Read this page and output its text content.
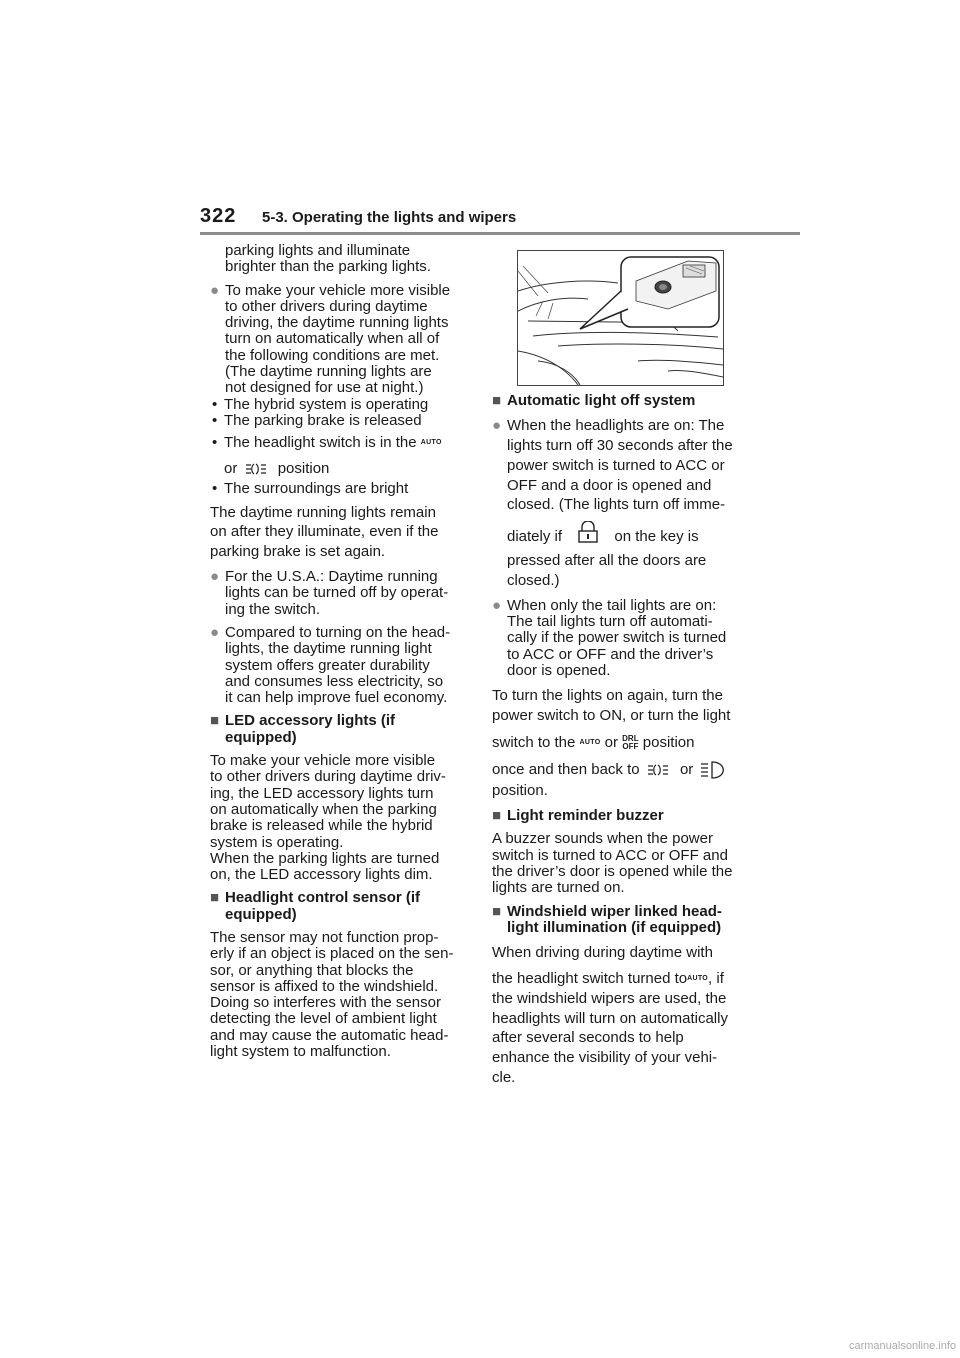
322 5-3. Operating the lights and wipers
parking lights and illuminate
brighter than the parking lights.
● To make your vehicle more visible
to other drivers during daytime
driving, the daytime running lights
turn on automatically when all of
the following conditions are met.
(The daytime running lights are
not designed for use at night.)
• The hybrid system is operating
• The parking brake is released
• The headlight switch is in the $^{AUTO}$
or	position
• The surroundings are bright
The daytime running lights remain
on after they illuminate, even if the
parking brake is set again.
● For the U.S.A.: Daytime running
lights can be turned off by operat-
ing the switch.
● Compared to turning on the head-
lights, the daytime running light
system offers greater durability
and consumes less electricity, so
it can help improve fuel economy.
■ LED accessory lights (if
equipped)
To make your vehicle more visible
to other drivers during daytime driv-
ing, the LED accessory lights turn
on automatically when the parking
brake is released while the hybrid
system is operating.
When the parking lights are turned
on, the LED accessory lights dim.
■ Headlight control sensor (if
equipped)
The sensor may not function prop-
erly if an object is placed on the sen-
sor, or anything that blocks the
sensor is affixed to the windshield.
Doing so interferes with the sensor
detecting the level of ambient light
and may cause the automatic head-
light system to malfunction.
■ Automatic light off system
● When the headlights are on: The
lights turn off 30 seconds after the
power switch is turned to ACC or
OFF and a door is opened and
closed. (The lights turn off imme-
diately if	on the key is
pressed after all the doors are
closed.)
● When only the tail lights are on:
The tail lights turn off automati-
cally if the power switch is turned
to ACC or OFF and the driver’s
door is opened.
To turn the lights on again, turn the
power switch to ON, or turn the light
switch to the $^{AUTO}$ or DRL
OFF position
once and then back to	or
position.
■ Light reminder buzzer
A buzzer sounds when the power
switch is turned to ACC or OFF and
the driver’s door is opened while the
lights are turned on.
■ Windshield wiper linked head-
light illumination (if equipped)
When driving during daytime with
the headlight switch turned $to^{AUTO}$, if
the windshield wipers are used, the
headlights will turn on automatically
after several seconds to help
enhance the visibility of your vehi-
cle.
carmanualsonline.info
